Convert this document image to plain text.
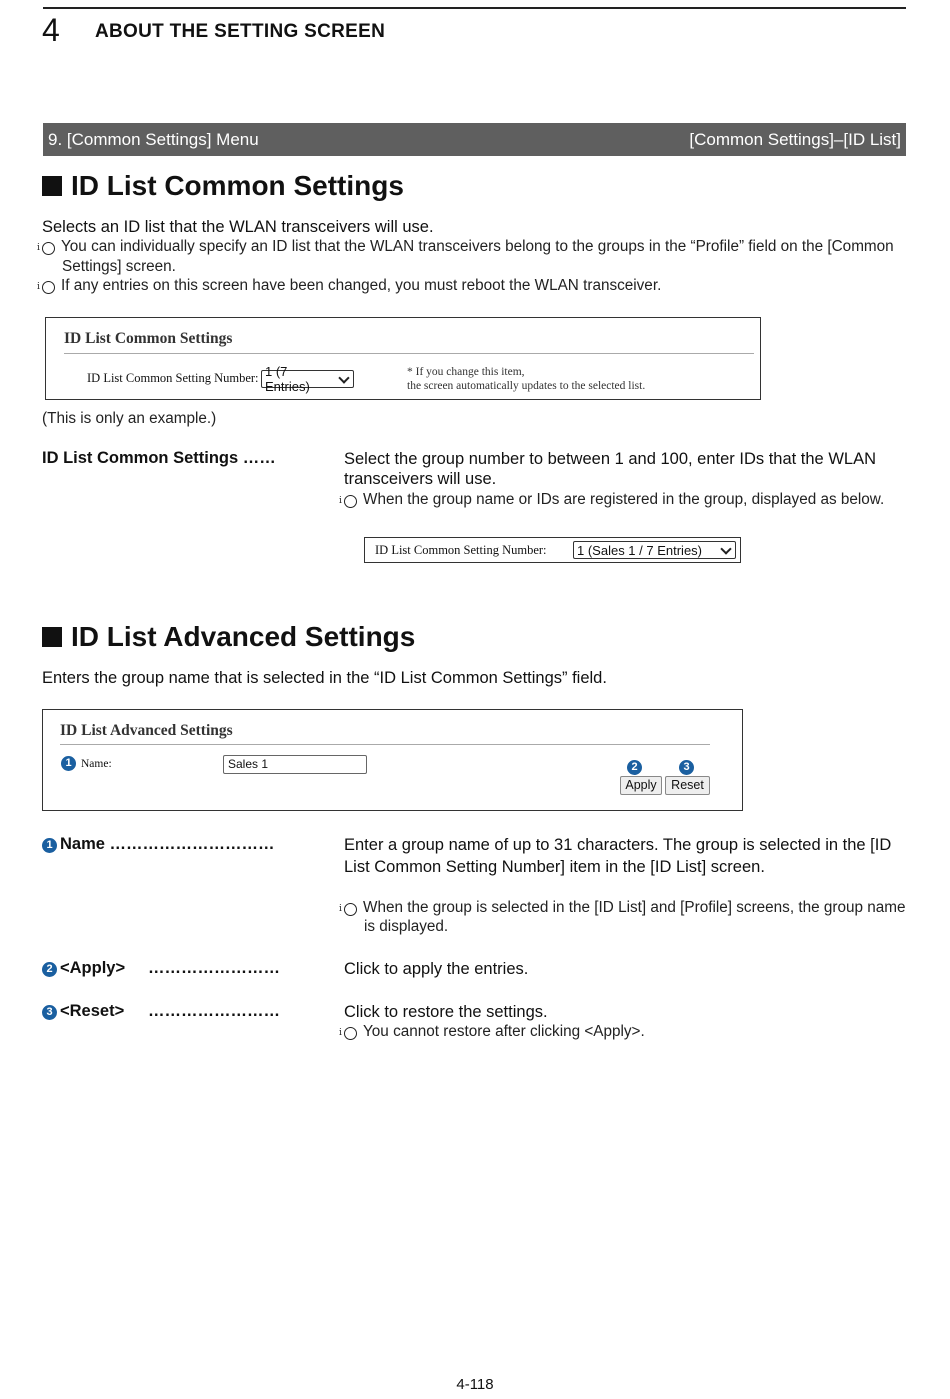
4 ABOUT THE SETTING SCREEN
9. [Common Settings] Menu	[Common Settings]–[ID List]
ID List Common Settings
Selects an ID list that the WLAN transceivers will use.
i You can individually specify an ID list that the WLAN transceivers belong to the groups in the “Profile” field on the [Common Settings] screen.
i If any entries on this screen have been changed, you must reboot the WLAN transceiver.
ID List Common Settings
ID List Common Setting Number: 1 (7 Entries)
* If you change this item,
the screen automatically updates to the selected list.
(This is only an example.)
ID List Common Settings ……	Select the group number to between 1 and 100, enter IDs that the WLAN transceivers will use.
i When the group name or IDs are registered in the group, displayed as below.
ID List Common Setting Number: 1 (Sales 1 / 7 Entries)
ID List Advanced Settings
Enters the group name that is selected in the “ID List Common Settings” field.
ID List Advanced Settings
1 Name:	Sales 1	2	3
Apply	Reset
1 Name …………………………	Enter a group name of up to 31 characters. The group is selected in the [ID List Common Setting Number] item in the [ID List] screen.
i When the group is selected in the [ID List] and [Profile] screens, the group name is displayed.
2 <Apply> ……………………	Click to apply the entries.
3 <Reset> ……………………	Click to restore the settings.
i You cannot restore after clicking <Apply>.
4-118
